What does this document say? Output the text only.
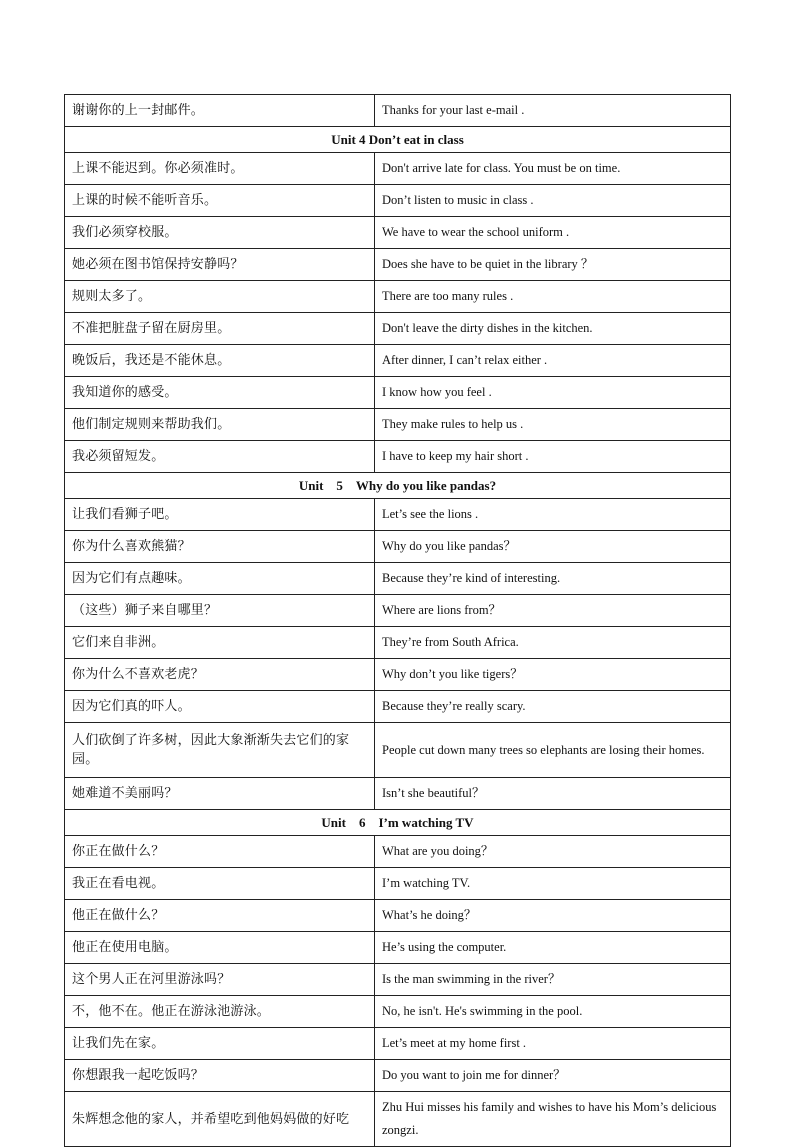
谢谢你的上一封邮件。	Thanks for your last e-mail .
Unit 4 Don’t eat in class	
上课不能迟到。你必须准时。	Don't arrive late for class. You must be on time.
上课的时候不能听音乐。	Don’t listen to music in class .
我们必须穿校服。	We have to wear the school uniform .
她必须在图书馆保持安静吗？	Does she have to be quiet in the library ？
规则太多了。	There are too many rules .
不准把脏盘子留在厨房里。	Don't leave the dirty dishes in the kitchen.
晚饭后，我还是不能休息。	After dinner, I can’t relax either .
我知道你的感受。	I know how you feel .
他们制定规则来帮助我们。	They make rules to help us .
我必须留短发。	I have to keep my hair short .
Unit　5　Why do you like pandas?	
让我们看狮子吧。	Let’s see the lions .
你为什么喜欢熊猫？	Why do you like pandas？
因为它们有点趣味。	Because they’re kind of interesting.
（这些）狮子来自哪里？	Where are lions from？
它们来自非洲。	They’re from South Africa.
你为什么不喜欢老虎？	Why don’t you like tigers？
因为它们真的吓人。	Because they’re really scary.
人们砍倒了许多树，因此大象渐渐失去它们的家园。	People cut down many trees so elephants are losing their homes.
她难道不美丽吗？	Isn’t she beautiful？
Unit　6　I’m watching TV	
你正在做什么？	What are you doing？
我正在看电视。	I’m watching TV.
他正在做什么？	What’s he doing？
他正在使用电脑。	He’s using the computer.
这个男人正在河里游泳吗？	Is the man swimming in the river？
不，他不在。他正在游泳池游泳。	No, he isn't. He's swimming in the pool.
让我们先在家。	Let’s meet at my home first .
你想跟我一起吃饭吗？	Do you want to join me for dinner？
朱辉想念他的家人，并希望吃到他妈妈做的好吃	Zhu Hui misses his family and wishes to have his Mom’s delicious zongzi.
